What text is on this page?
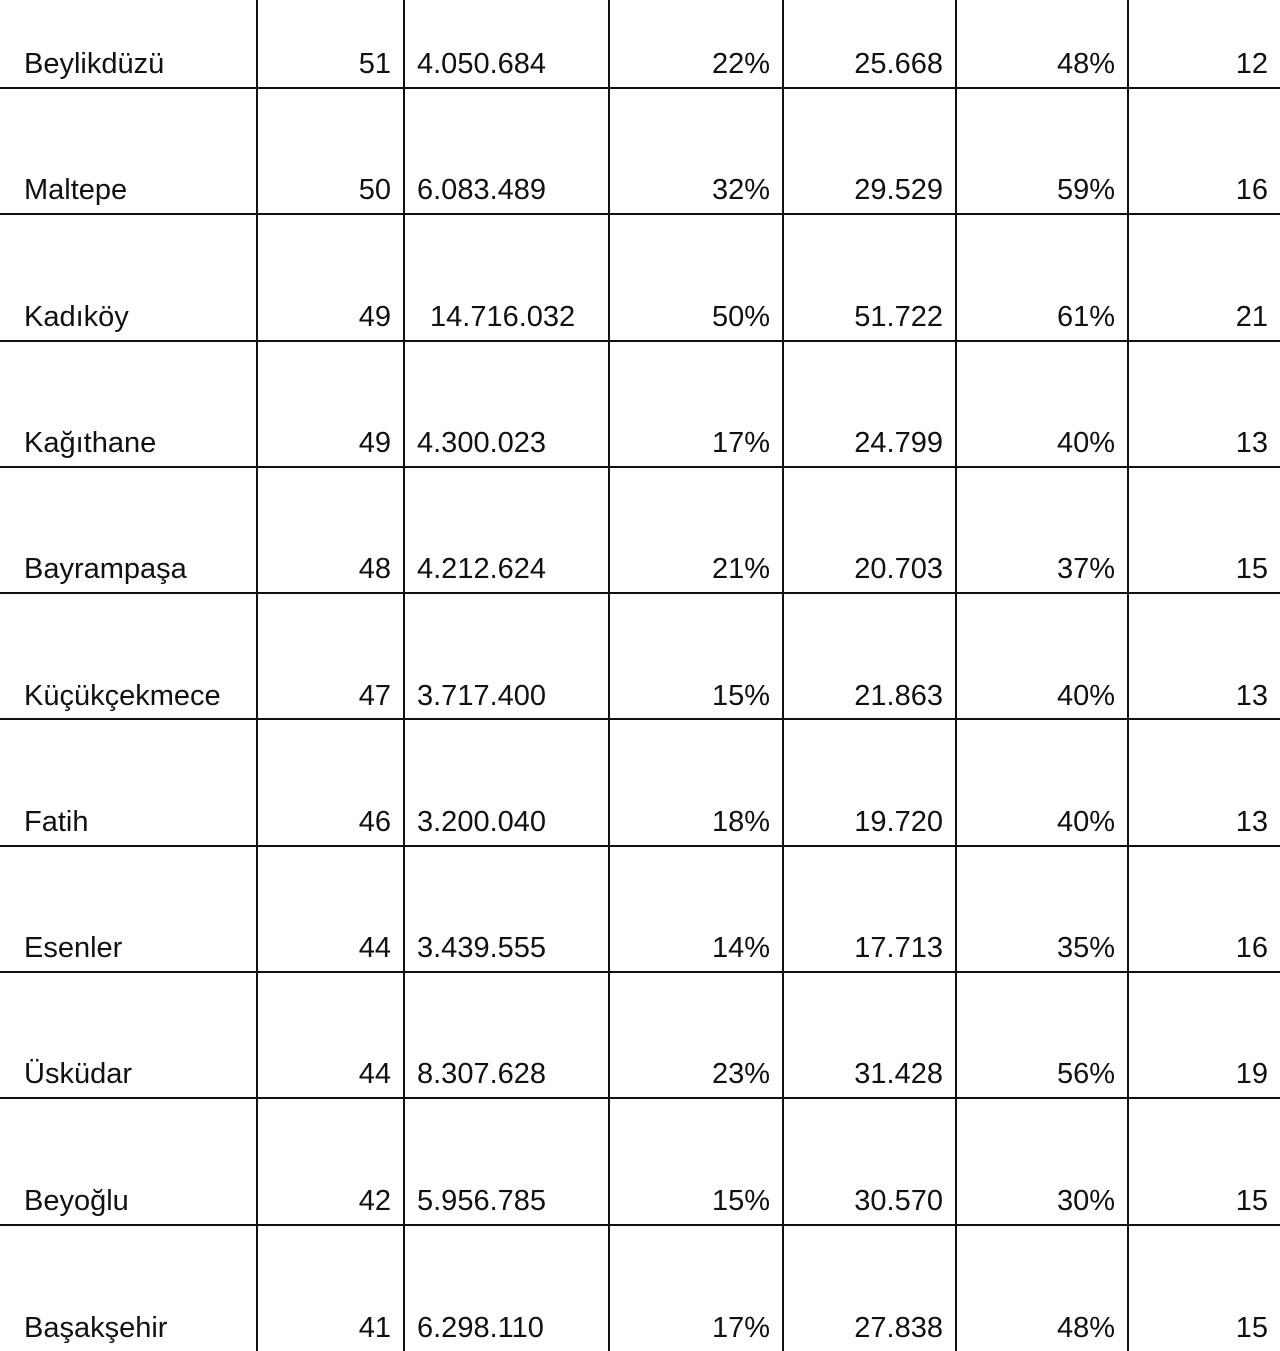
Beylikdüzü	51	4.050.684	22%	25.668	48%	12
Maltepe	50	6.083.489	32%	29.529	59%	16
Kadıköy	49	14.716.032	50%	51.722	61%	21
Kağıthane	49	4.300.023	17%	24.799	40%	13
Bayrampaşa	48	4.212.624	21%	20.703	37%	15
Küçükçekmece	47	3.717.400	15%	21.863	40%	13
Fatih	46	3.200.040	18%	19.720	40%	13
Esenler	44	3.439.555	14%	17.713	35%	16
Üsküdar	44	8.307.628	23%	31.428	56%	19
Beyoğlu	42	5.956.785	15%	30.570	30%	15
Başakşehir	41	6.298.110	17%	27.838	48%	15
